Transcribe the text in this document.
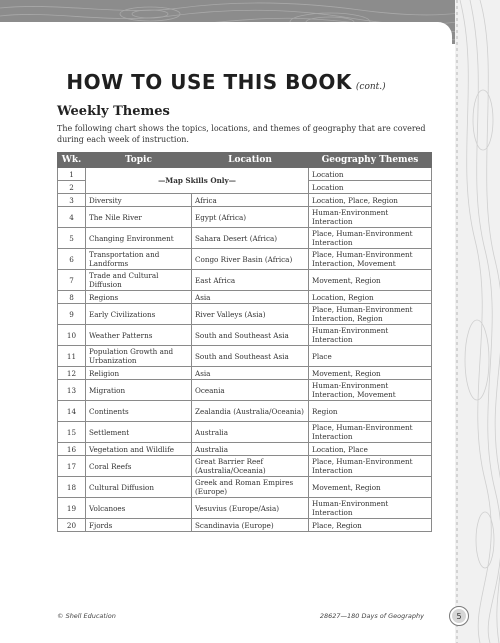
HOW TO USE THIS BOOK (cont.)
Weekly Themes
The following chart shows the topics, locations, and themes of geography that are covered during each week of instruction.
Wk.	Topic	Location	Geography Themes
1	—Map Skills Only—		Location
2			Location
3	Diversity	Africa	Location, Place, Region
4	The Nile River	Egypt (Africa)	Human-Environment Interaction
5	Changing Environment	Sahara Desert (Africa)	Place, Human-Environment Interaction
6	Transportation and Landforms	Congo River Basin (Africa)	Place, Human-Environment Interaction, Movement
7	Trade and Cultural Diffusion	East Africa	Movement, Region
8	Regions	Asia	Location, Region
9	Early Civilizations	River Valleys (Asia)	Place, Human-Environment Interaction, Region
10	Weather Patterns	South and Southeast Asia	Human-Environment Interaction
11	Population Growth and Urbanization	South and Southeast Asia	Place
12	Religion	Asia	Movement, Region
13	Migration	Oceania	Human-Environment Interaction, Movement
14	Continents	Zealandia (Australia/Oceania)	Region
15	Settlement	Australia	Place, Human-Environment Interaction
16	Vegetation and Wildlife	Australia	Location, Place
17	Coral Reefs	Great Barrier Reef (Australia/Oceania)	Place, Human-Environment Interaction
18	Cultural Diffusion	Greek and Roman Empires (Europe)	Movement, Region
19	Volcanoes	Vesuvius (Europe/Asia)	Human-Environment Interaction
20	Fjords	Scandinavia (Europe)	Place, Region
© Shell Education	28627—180 Days of Geography	5
